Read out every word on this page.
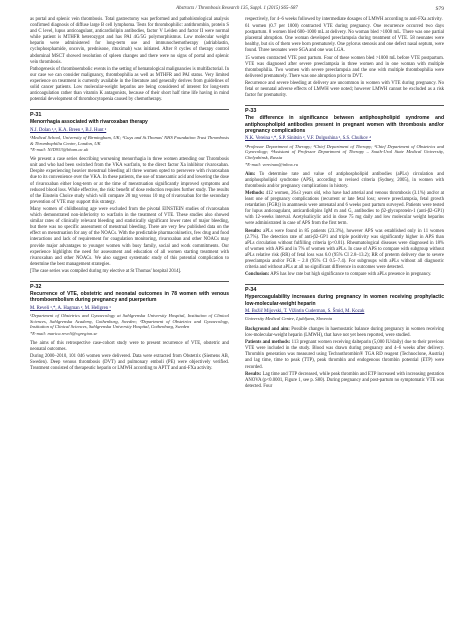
Abstracts / Thrombosis Research 135, Suppl. 1 (2015) S65–S87	S79

as portal and splenic vein thrombosis. Total gastrectomy was performed and pathohistological analysis confirmed diagnosis of diffuse large B cell lymphoma. Tests for thrombophilic: antithrombin, protein S and C level, lupus anticoagulant, anticardiolipin antibodies, factor V Leiden and factor II were normal while patient is MTHFR heterozygot and has PAI 4G/5G polymorphismus. Low molecular weight heparin were administered for long-term use and immunochemotherapy (adriablastin, cyclophosphamide, oncovin, prednisone, rituximab) was initiated. After 8 cycles of therapy control abdominal MSCT showed resolution of spleen changes and there were no signs of portal and splenic vein thrombosis.

Pathogenesis of thromboembolic events in the setting of hematological malignancies is multifactorial. In our case we can consider malignancy, thrombophilia as well as MTHFR and PAI status. Very limited experience on treatment is currently available in the literature and generally derives from guidelines of solid cancer patients. Low molecular-weight heparins are being considered of interest for long-term anticoagulation rather than vitamin K antagonists, because of their short half time life having in mind potential development of thrombocytopenia caused by chemotherapy.

P-31
Menorrhagia associated with rivaroxaban therapy
N.J. Dolan ¹,², K.A. Breen ², B.J. Hunt ²
¹Medical School, University of Birmingham, UK; ²Guys and St.Thomas' NHS Foundation Trust Thrombosis & Thrombophilia Centre, London, UK
*E-mail: NJD953@bham.ac.uk

We present a case series describing worsening menorrhagia in three women attending our Thrombosis unit and who had been switched from the VKA warfarin, to the direct factor Xa inhibitor rivaroxaban. Despite experiencing heavier menstrual bleeding all three women opted to persevere with rivaroxaban due to its convenience over the VKA. In these patients, the use of tranexamic acid and lowering the dose of rivaroxaban either long-term or at the time of menstruation significantly improved symptoms and reduced blood loss. While effective, the risk: benefit of dose reduction requires further study. The results of the Einstein Choice study which will compare 20 mg versus 10 mg of rivaroxaban for the secondary prevention of VTE may support this strategy.

Many women of childbearing age were excluded from the pivotal EINSTEIN studies of rivaroxaban which demonstrated non-inferiority to warfarin in the treatment of VTE. These studies also showed similar rates of clinically relevant bleeding and statistically significant lower rates of major bleeding, but there was no specific assessment of menstrual bleeding. There are very few published data on the effect on menstruation for any of the NOACs. With the predictable pharmacokinetics, few drug and food interactions and lack of requirement for coagulation monitoring, rivaroxaban and other NOACs may provide major advantages to younger women with busy family, social and work commitments. Our experience highlights the need for assessment and education of all women starting treatment with rivaroxaban and other NOACs. We also suggest systematic study of this potential complication to determine the best management strategies.

[The case series was compiled during my elective at St Thomas' hospital 2014].

P-32
Recurrence of VTE, obstetric and neonatal outcomes in 78 women with venous thromboembolism during pregnancy and puerperium
M. Reveli ¹,*, A. Hagman ², M. Hellgren ¹
¹Department of Obstetrics and Gynaecology at Sahlgrenska University Hospital, Institution of Clinical Sciences, Sahlgrenska Academy, Gothenburg, Sweden; ²Department of Obstetrics and Gynaecology, Institution of Clinical Sciences, Sahlgrenska University Hospital, Gothenburg, Sweden
*E-mail: marica.reveli@vgregion.se

The aims of this retrospective case-cohort study were to present recurrence of VTE, obstetric and neonatal outcomes.

During 2000–2010, 101 046 women were delivered. Data were extracted from Obstetrix (Siemens AB, Sweden). Deep venous thrombosis (DVT) and pulmonary emboli (PE) were objectively verified. Treatment consisted of therapeutic heparin or LMWH according to APTT and anti-FXa activity.

respectively, for 4–6 weeks followed by intermediate dosages of LMWH according to anti-FXa activity.

61 women (0.7 per 1000) contracted VTE during pregnancy. One recurrence occurred two days postpartum. 8 women bled 600–1000 mL at delivery. No woman bled >1000 mL. There was one partial placental abruption. One woman developed preeclampsia during treatment of VTE. 58 neonates were healthy, but six of them were born prematurely. One pylorus stenosis and one defect nasal septum, were found. Three neonates were SGA and one was LGA.

15 women contracted VTE post partum. Four of these women bled >1000 mL before VTE postpartum. VTE was diagnosed after severe preeclampsia in three women and in one woman with multiple thrombophilia. Two women with severe preeclampsia and the one with multiple thrombophilia were delivered prematurely. There was one abruption prior to DVT.

Recurrence and severe bleeding at delivery are uncommon in women with VTE during pregnancy. No fetal or neonatal adverse effects of LMWH were noted; however LMWH cannot be excluded as a risk factor for prematurity.

P-33
The difference in significance between antiphospholipid syndrome and antiphospholipid antibodies present in pregnant women with thrombosis and/or pregnancy complications
N.K. Vereina ¹,*, S.P. Sinitsin ², V.F. Dolgushina ³, S.S. Chulkov ⁴
¹Professor Department of Therapy; ²Chief Department of Therapy; ³Chief Department of Obstetrics and Gynecology; ⁴Assistant of Professor Department of Therapy – South-Ural State Medical University, Chelyabinsk, Russia
*E-mail: vereinan@inbox.ru

Aim: To determine rate and value of antiphospholipid antibodies (aPLs) circulation and antiphospholipid syndrome (APS), according to revised criteria (Sydney, 2005), in women with thrombosis and/or pregnancy complications in history.

Methods: 412 women, 26±3 years old, who have had arterial and venous thrombosis (3.1%) and/or at least one of pregnancy complications (recurrent or late fetal loss; severe preeclampsia, fetal growth retardation (FGR)) in anamnesis were antenatal and 6 weeks post partum surveyed. Patients were tested for lupus anticoagulant, anticardiolipins IgM m and G, antibodies to β2-glycoprotein-1 (anti-β2-GP1) with 12-weeks interval. Acetylsalicylic acid in dose 75 mg daily and low molecular weight heparins were administrated in case of APS from the first term.

Results: aPLs were found in 85 patients (23.3%), however APS was established only in 11 women (2.7%). The detection rate of anti-β2-GP1 and triple positivity was significantly higher in APS than aPLs circulation without fulfilling criteria (p<0.01). Rheumatological diseases were diagnosed in 18% of women with APS and in 7% of women with aPLs. In case of APS to compare with subgroup without aPLs relative risk (RR) of fetal loss was 6.0 (95% CI 2.8–13.2); RR of preterm delivery due to severe preeclampsia and/or FGR – 2.0 (95% CI 0.5–7.4). For subgroups with aPLs without all diagnostic criteria and without aPLs at all no significant difference in outcomes were detected.

Conclusion: APS has low rate but high significance to compare with aPLs presence in pregnancy.

P-34
Hypercoagulability increases during pregnancy in women receiving prophylactic low-molecular-weight heparin
M. Božič Mijovski, T. Vižintin Cuderman, S. Šmid, M. Kozak
University Medical Centre, Ljubljana, Slovenia

Background and aim: Possible changes in haemostatic balance during pregnancy in women receiving low-molecular-weight heparin (LMWH), that have not yet been reported, were studied.

Patients and methods: 113 pregnant women receiving dalteparin (5,000 IU/daily) due to their previous VTE were included in the study. Blood was drawn during pregnancy and 4–6 weeks after delivery. Thrombin generation was measured using Technothrombin® TGA RD reagent (Technoclone, Austria) and lag time, time to peak (TTP), peak thrombin and endogenous thrombin potential (ETP) were recorded.

Results: Lag time and TTP decreased, while peak thrombin and ETP increased with increasing gestation ANOVA (p<0.0001, Figure 1, see p. S80). During pregnancy and post-partum no symptomatic VTE was detected. Four
